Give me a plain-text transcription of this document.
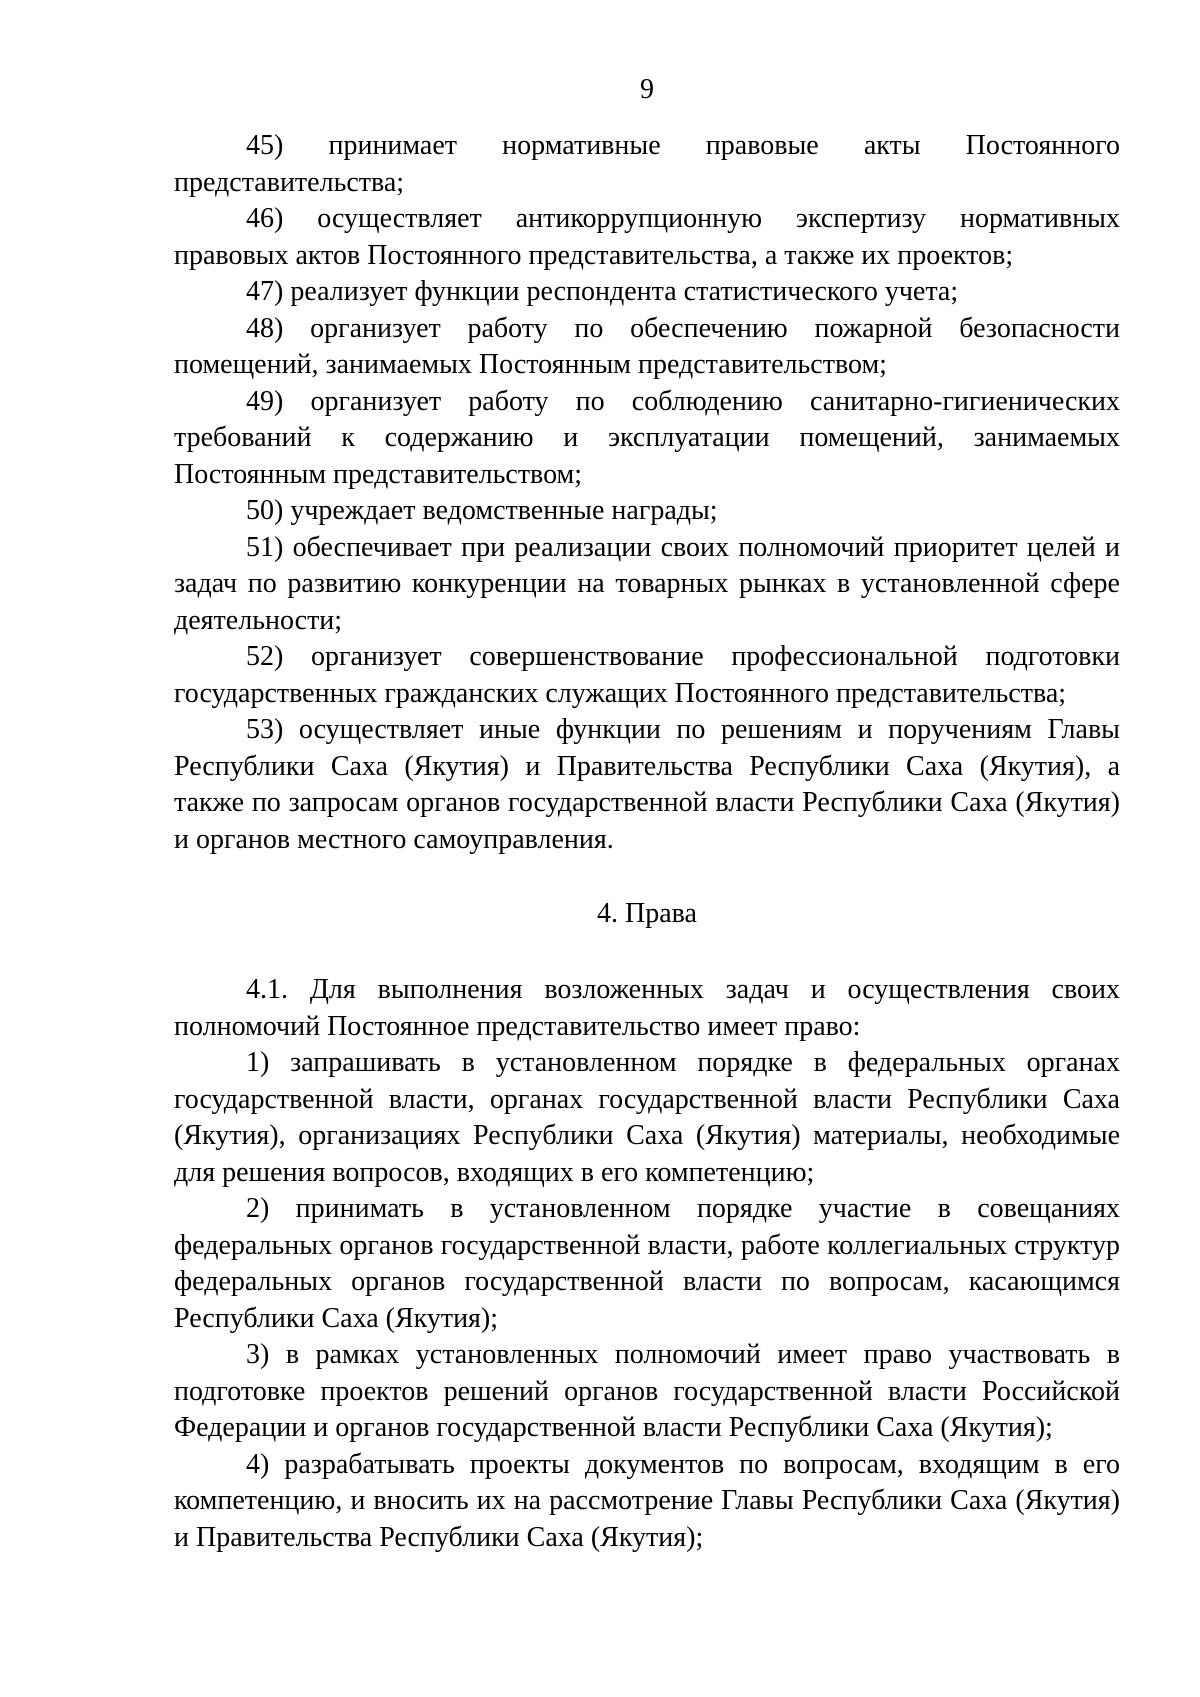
9

45) принимает нормативные правовые акты Постоянного представительства;

46) осуществляет антикоррупционную экспертизу нормативных правовых актов Постоянного представительства, а также их проектов;

47) реализует функции респондента статистического учета;

48) организует работу по обеспечению пожарной безопасности помещений, занимаемых Постоянным представительством;

49) организует работу по соблюдению санитарно-гигиенических требований к содержанию и эксплуатации помещений, занимаемых Постоянным представительством;

50) учреждает ведомственные награды;

51) обеспечивает при реализации своих полномочий приоритет целей и задач по развитию конкуренции на товарных рынках в установленной сфере деятельности;

52) организует совершенствование профессиональной подготовки государственных гражданских служащих Постоянного представительства;

53) осуществляет иные функции по решениям и поручениям Главы Республики Саха (Якутия) и Правительства Республики Саха (Якутия), а также по запросам органов государственной власти Республики Саха (Якутия) и органов местного самоуправления.

4. Права

4.1. Для выполнения возложенных задач и осуществления своих полномочий Постоянное представительство имеет право:

1) запрашивать в установленном порядке в федеральных органах государственной власти, органах государственной власти Республики Саха (Якутия), организациях Республики Саха (Якутия) материалы, необходимые для решения вопросов, входящих в его компетенцию;

2) принимать в установленном порядке участие в совещаниях федеральных органов государственной власти, работе коллегиальных структур федеральных органов государственной власти по вопросам, касающимся Республики Саха (Якутия);

3) в рамках установленных полномочий имеет право участвовать в подготовке проектов решений органов государственной власти Российской Федерации и органов государственной власти Республики Саха (Якутия);

4) разрабатывать проекты документов по вопросам, входящим в его компетенцию, и вносить их на рассмотрение Главы Республики Саха (Якутия) и Правительства Республики Саха (Якутия);
